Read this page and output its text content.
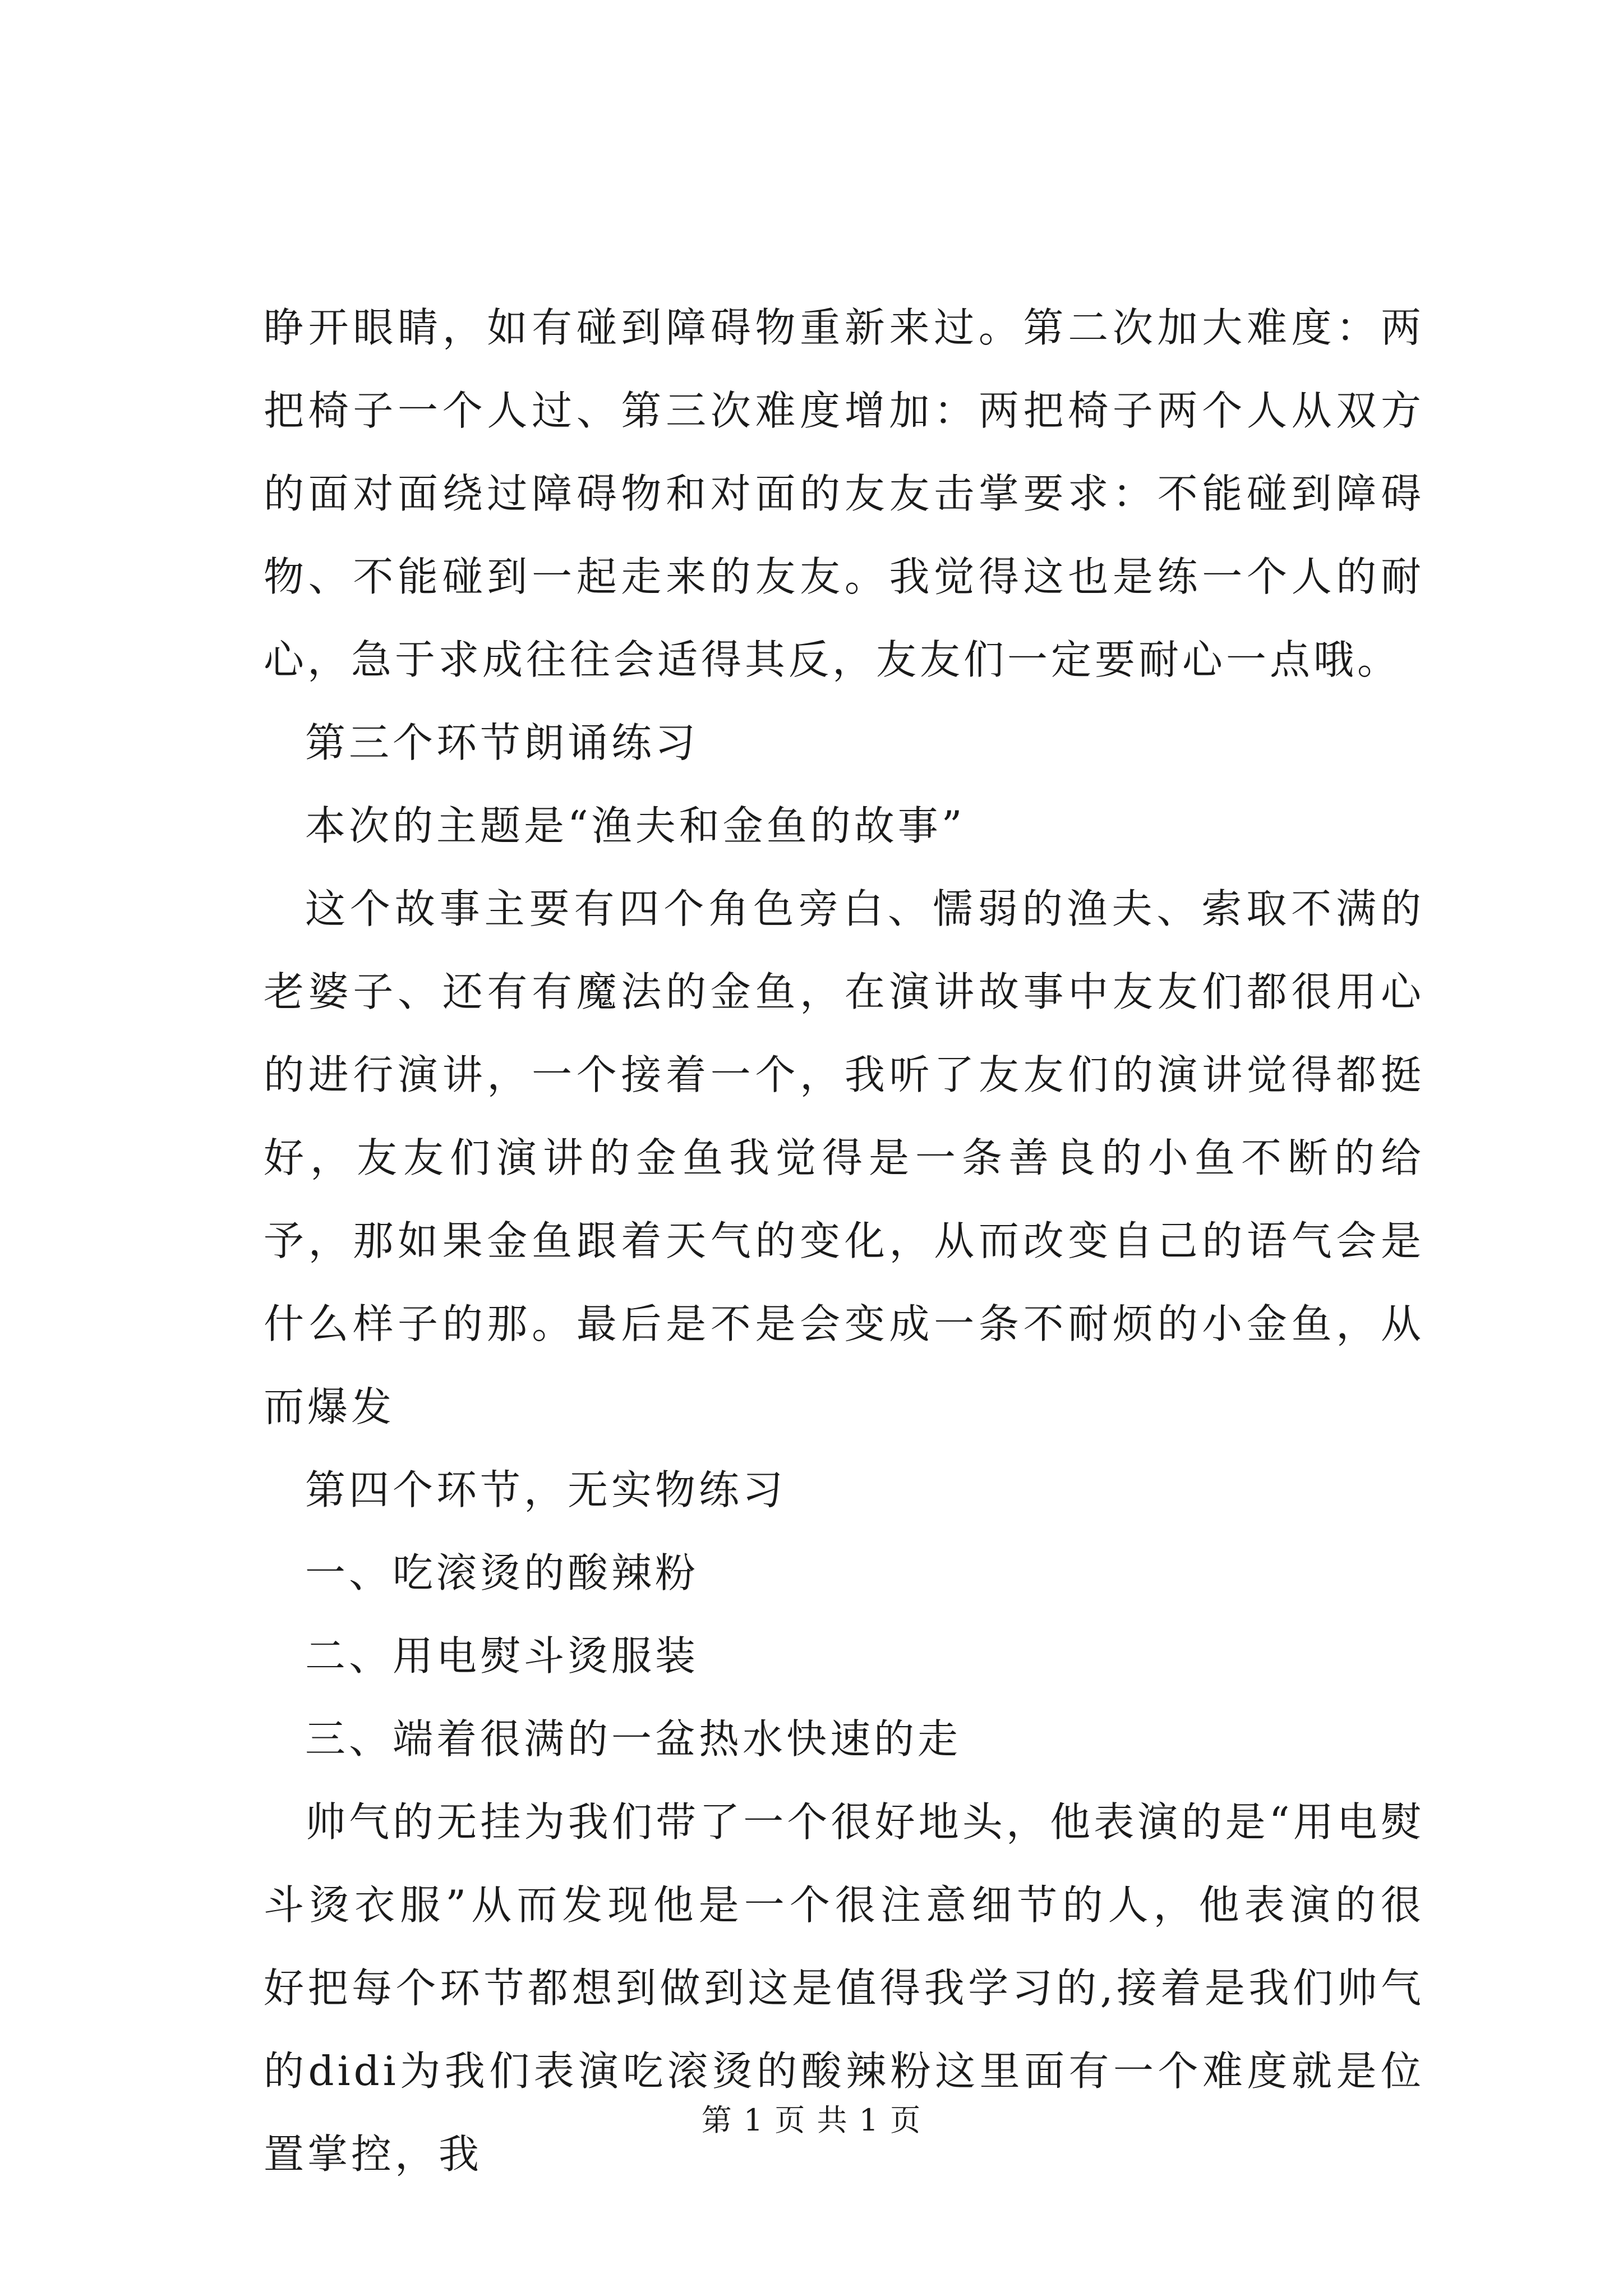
睁开眼睛，如有碰到障碍物重新来过。第二次加大难度：两把椅子一个人过、第三次难度增加：两把椅子两个人从双方的面对面绕过障碍物和对面的友友击掌要求：不能碰到障碍物、不能碰到一起走来的友友。我觉得这也是练一个人的耐心，急于求成往往会适得其反，友友们一定要耐心一点哦。

第三个环节朗诵练习

本次的主题是“渔夫和金鱼的故事”

这个故事主要有四个角色旁白、懦弱的渔夫、索取不满的老婆子、还有有魔法的金鱼，在演讲故事中友友们都很用心的进行演讲，一个接着一个，我听了友友们的演讲觉得都挺好，友友们演讲的金鱼我觉得是一条善良的小鱼不断的给予，那如果金鱼跟着天气的变化，从而改变自己的语气会是什么样子的那。最后是不是会变成一条不耐烦的小金鱼，从而爆发

第四个环节，无实物练习

一、吃滚烫的酸辣粉

二、用电熨斗烫服装

三、端着很满的一盆热水快速的走

帅气的无挂为我们带了一个很好地头，他表演的是“用电熨斗烫衣服”从而发现他是一个很注意细节的人，他表演的很好把每个环节都想到做到这是值得我学习的,接着是我们帅气的didi为我们表演吃滚烫的酸辣粉这里面有一个难度就是位置掌控，我

第 1 页 共 1 页
